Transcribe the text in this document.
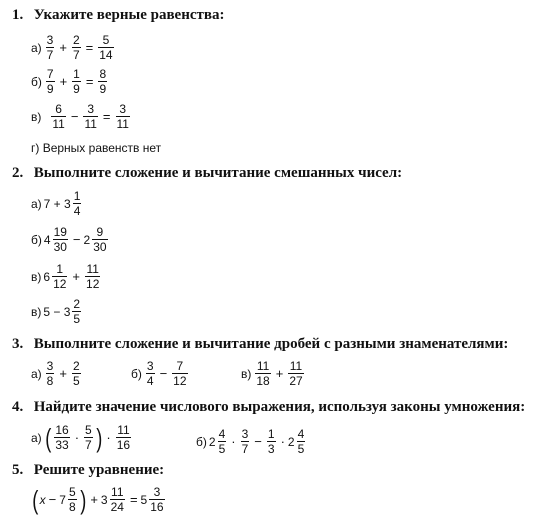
1. Укажите верные равенства:
$а) \frac{3}{7} + \frac{2}{7} = \frac{5}{14}$
$б) \frac{7}{9} + \frac{1}{9} = \frac{8}{9}$
$в) \frac{6}{11} - \frac{3}{11} = \frac{3}{11}$
г) Верных равенств нет
2. Выполните сложение и вычитание смешанных чисел:
а) $7 + 3 \frac{1}{4}$
б) $4 \frac{19}{30} - 2 \frac{9}{30}$
в) $6 \frac{1}{12} + \frac{11}{12}$
в) $5 - 3 \frac{2}{5}$
3. Выполните сложение и вычитание дробей с разными знаменателями:
$а) \frac{3}{8} + \frac{2}{5}$	$б) \frac{3}{4} - \frac{7}{12}$	$в) \frac{11}{18} + \frac{11}{27}$
4. Найдите значение числового выражения, используя законы умножения:
а) ( $\frac{16}{33} \cdot \frac{5}{7}$ ) · $\frac{11}{16}$	б) $2 \frac{4}{5} \cdot \frac{3}{7} - \frac{1}{3} \cdot 2 \frac{4}{5}$
5. Решите уравнение:
( $x - 7 \frac{5}{8}$ ) + $3 \frac{11}{24} = 5 \frac{3}{16}$
